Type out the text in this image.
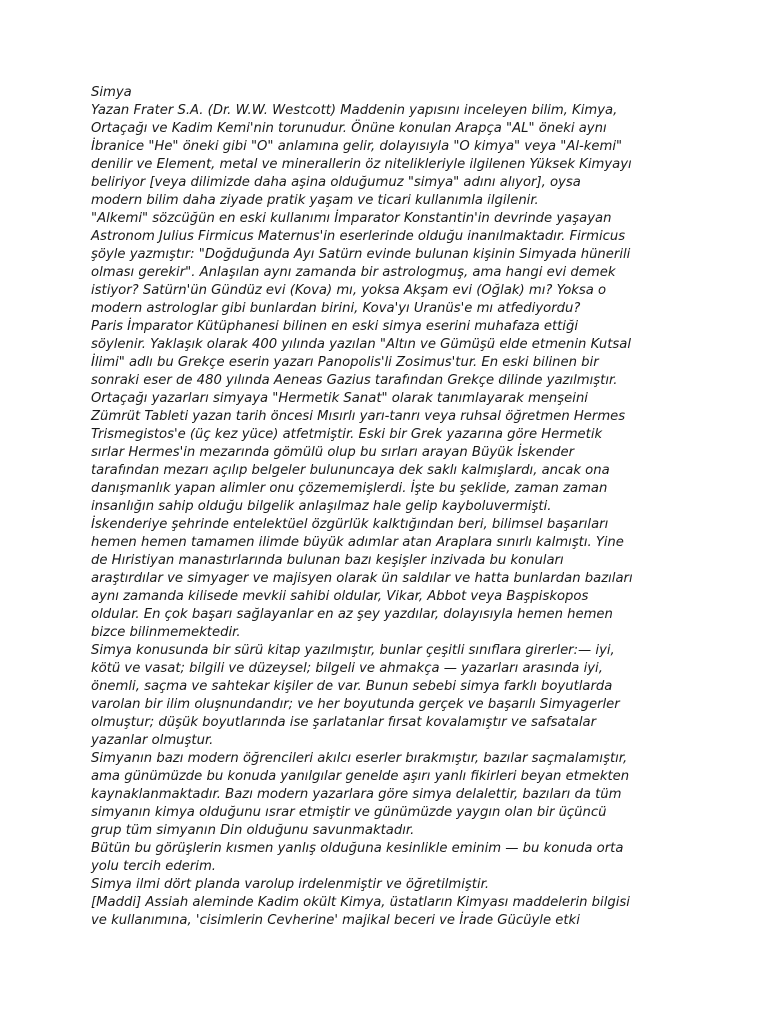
Simya
Yazan Frater S.A. (Dr. W.W. Westcott) Maddenin yapısını inceleyen bilim, Kimya,
Ortaçağı ve Kadim Kemi'nin torunudur. Önüne konulan Arapça "AL" öneki aynı
İbranice "He" öneki gibi "O" anlamına gelir, dolayısıyla "O kimya" veya "Al-kemi"
denilir ve Element, metal ve minerallerin öz nitelikleriyle ilgilenen Yüksek Kimyayı
beliriyor [veya dilimizde daha aşina olduğumuz "simya" adını alıyor], oysa
modern bilim daha ziyade pratik yaşam ve ticari kullanımla ilgilenir.
"Alkemi" sözcüğün en eski kullanımı İmparator Konstantin'in devrinde yaşayan
Astronom Julius Firmicus Maternus'in eserlerinde olduğu inanılmaktadır. Firmicus
şöyle yazmıştır: "Doğduğunda Ayı Satürn evinde bulunan kişinin Simyada hünerili
olması gerekir". Anlaşılan aynı zamanda bir astrologmuş, ama hangi evi demek
istiyor? Satürn'ün Gündüz evi (Kova) mı, yoksa Akşam evi (Oğlak) mı? Yoksa o
modern astrologlar gibi bunlardan birini, Kova'yı Uranüs'e mı atfediyordu?
Paris İmparator Kütüphanesi bilinen en eski simya eserini muhafaza ettiği
söylenir. Yaklaşık olarak 400 yılında yazılan "Altın ve Gümüşü elde etmenin Kutsal
İlimi" adlı bu Grekçe eserin yazarı Panopolis'li Zosimus'tur. En eski bilinen bir
sonraki eser de 480 yılında Aeneas Gazius tarafından Grekçe dilinde yazılmıştır.
Ortaçağı yazarları simyaya "Hermetik Sanat" olarak tanımlayarak menşeini
Zümrüt Tableti yazan tarih öncesi Mısırlı yarı-tanrı veya ruhsal öğretmen Hermes
Trismegistos'e (üç kez yüce) atfetmiştir. Eski bir Grek yazarına göre Hermetik
sırlar Hermes'in mezarında gömülü olup bu sırları arayan Büyük İskender
tarafından mezarı açılıp belgeler bulununcaya dek saklı kalmışlardı, ancak ona
danışmanlık yapan alimler onu çözememişlerdi. İşte bu şeklide, zaman zaman
insanlığın sahip olduğu bilgelik anlaşılmaz hale gelip kayboluvermişti.
İskenderiye şehrinde entelektüel özgürlük kalktığından beri, bilimsel başarıları
hemen hemen tamamen ilimde büyük adımlar atan Araplara sınırlı kalmıştı. Yine
de Hıristiyan manastırlarında bulunan bazı keşişler inzivada bu konuları
araştırdılar ve simyager ve majisyen olarak ün saldılar ve hatta bunlardan bazıları
aynı zamanda kilisede mevkii sahibi oldular, Vikar, Abbot veya Başpiskopos
oldular. En çok başarı sağlayanlar en az şey yazdılar, dolayısıyla hemen hemen
bizce bilinmemektedir.
Simya konusunda bir sürü kitap yazılmıştır, bunlar çeşitli sınıflara girerler:— iyi,
kötü ve vasat; bilgili ve düzeysel; bilgeli ve ahmakça — yazarları arasında iyi,
önemli, saçma ve sahtekar kişiler de var. Bunun sebebi simya farklı boyutlarda
varolan bir ilim oluşnundandır; ve her boyutunda gerçek ve başarılı Simyagerler
olmuştur; düşük boyutlarında ise şarlatanlar fırsat kovalamıştır ve safsatalar
yazanlar olmuştur.
Simyanın bazı modern öğrencileri akılcı eserler bırakmıştır, bazılar saçmalamıştır,
ama günümüzde bu konuda yanılgılar genelde aşırı yanlı fikirleri beyan etmekten
kaynaklanmaktadır. Bazı modern yazarlara göre simya delalettir, bazıları da tüm
simyanın kimya olduğunu ısrar etmiştir ve günümüzde yaygın olan bir üçüncü
grup tüm simyanın Din olduğunu savunmaktadır.
Bütün bu görüşlerin kısmen yanlış olduğuna kesinlikle eminim — bu konuda orta
yolu tercih ederim.
Simya ilmi dört planda varolup irdelenmiştir ve öğretilmiştir.
[Maddi] Assiah aleminde Kadim okült Kimya, üstatların Kimyası maddelerin bilgisi
ve kullanımına, 'cisimlerin Cevherine' majikal beceri ve İrade Gücüyle etki
